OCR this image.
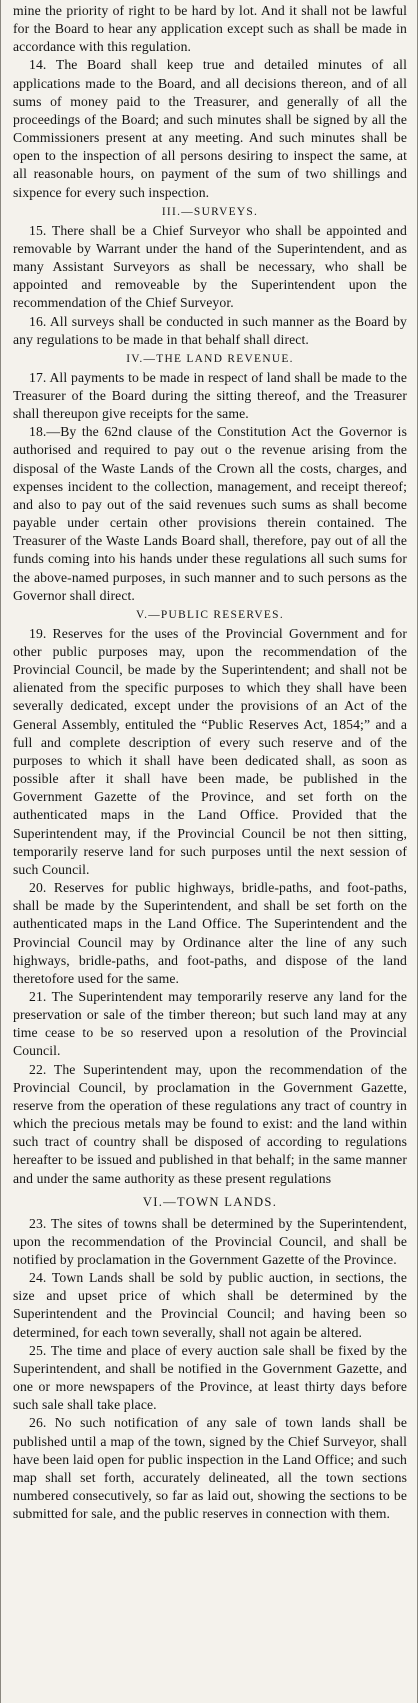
mine the priority of right to be hard by lot. And it shall not be lawful for the Board to hear any application except such as shall be made in accordance with this regulation.

14. The Board shall keep true and detailed minutes of all applications made to the Board, and all decisions thereon, and of all sums of money paid to the Treasurer, and generally of all the proceedings of the Board; and such minutes shall be signed by all the Commissioners present at any meeting. And such minutes shall be open to the inspection of all persons desiring to inspect the same, at all reasonable hours, on payment of the sum of two shillings and sixpence for every such inspection.

III.—SURVEYS.

15. There shall be a Chief Surveyor who shall be appointed and removable by Warrant under the hand of the Superintendent, and as many Assistant Surveyors as shall be necessary, who shall be appointed and removeable by the Superintendent upon the recommendation of the Chief Surveyor.

16. All surveys shall be conducted in such manner as the Board by any regulations to be made in that behalf shall direct.

IV.—THE LAND REVENUE.

17. All payments to be made in respect of land shall be made to the Treasurer of the Board during the sitting thereof, and the Treasurer shall thereupon give receipts for the same.

18.—By the 62nd clause of the Constitution Act the Governor is authorised and required to pay out o the revenue arising from the disposal of the Waste Lands of the Crown all the costs, charges, and expenses incident to the collection, management, and receipt thereof; and also to pay out of the said revenues such sums as shall become payable under certain other provisions therein contained. The Treasurer of the Waste Lands Board shall, therefore, pay out of all the funds coming into his hands under these regulations all such sums for the above-named purposes, in such manner and to such persons as the Governor shall direct.

V.—PUBLIC RESERVES.

19. Reserves for the uses of the Provincial Government and for other public purposes may, upon the recommendation of the Provincial Council, be made by the Superintendent; and shall not be alienated from the specific purposes to which they shall have been severally dedicated, except under the provisions of an Act of the General Assembly, entituled the “Public Reserves Act, 1854;” and a full and complete description of every such reserve and of the purposes to which it shall have been dedicated shall, as soon as possible after it shall have been made, be published in the Government Gazette of the Province, and set forth on the authenticated maps in the Land Office. Provided that the Superintendent may, if the Provincial Council be not then sitting, temporarily reserve land for such purposes until the next session of such Council.

20. Reserves for public highways, bridle-paths, and foot-paths, shall be made by the Superintendent, and shall be set forth on the authenticated maps in the Land Office. The Superintendent and the Provincial Council may by Ordinance alter the line of any such highways, bridle-paths, and foot-paths, and dispose of the land theretofore used for the same.

21. The Superintendent may temporarily reserve any land for the preservation or sale of the timber thereon; but such land may at any time cease to be so reserved upon a resolution of the Provincial Council.

22. The Superintendent may, upon the recommendation of the Provincial Council, by proclamation in the Government Gazette, reserve from the operation of these regulations any tract of country in which the precious metals may be found to exist: and the land within such tract of country shall be disposed of according to regulations hereafter to be issued and published in that behalf; in the same manner and under the same authority as these present regulations

VI.—TOWN LANDS.

23. The sites of towns shall be determined by the Superintendent, upon the recommendation of the Provincial Council, and shall be notified by proclamation in the Government Gazette of the Province.

24. Town Lands shall be sold by public auction, in sections, the size and upset price of which shall be determined by the Superintendent and the Provincial Council; and having been so determined, for each town severally, shall not again be altered.

25. The time and place of every auction sale shall be fixed by the Superintendent, and shall be notified in the Government Gazette, and one or more newspapers of the Province, at least thirty days before such sale shall take place.

26. No such notification of any sale of town lands shall be published until a map of the town, signed by the Chief Surveyor, shall have been laid open for public inspection in the Land Office; and such map shall set forth, accurately delineated, all the town sections numbered consecutively, so far as laid out, showing the sections to be submitted for sale, and the public reserves in connection with them.
